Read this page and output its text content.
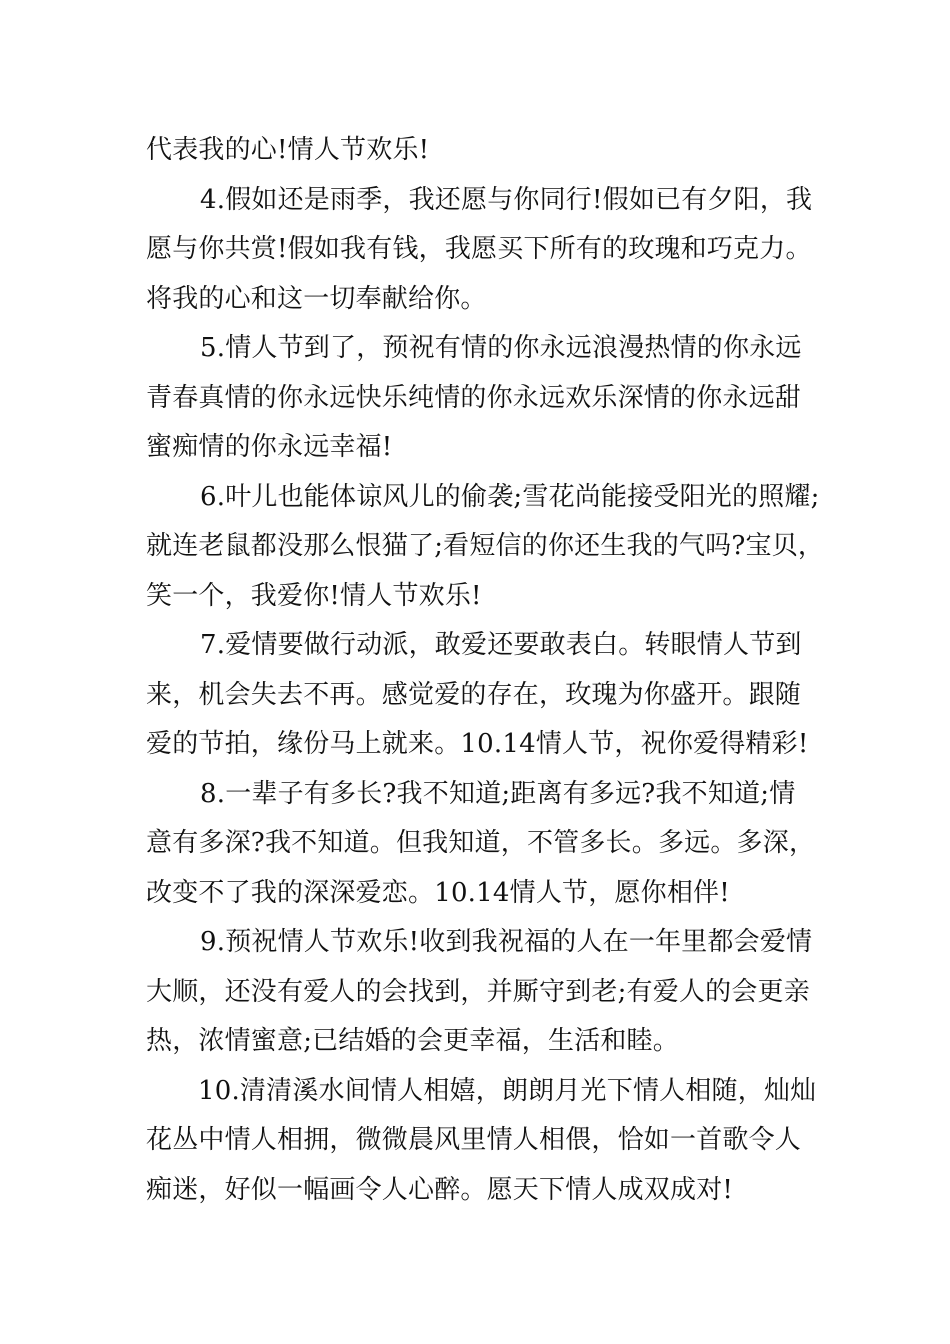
代表我的心!情人节欢乐!

4.假如还是雨季，我还愿与你同行!假如已有夕阳，我
愿与你共赏!假如我有钱，我愿买下所有的玫瑰和巧克力。
将我的心和这一切奉献给你。

5.情人节到了，预祝有情的你永远浪漫热情的你永远
青春真情的你永远快乐纯情的你永远欢乐深情的你永远甜
蜜痴情的你永远幸福!

6.叶儿也能体谅风儿的偷袭;雪花尚能接受阳光的照耀;
就连老鼠都没那么恨猫了;看短信的你还生我的气吗?宝贝，
笑一个，我爱你!情人节欢乐!

7.爱情要做行动派，敢爱还要敢表白。转眼情人节到
来，机会失去不再。感觉爱的存在，玫瑰为你盛开。跟随
爱的节拍，缘份马上就来。10.14情人节，祝你爱得精彩!

8.一辈子有多长?我不知道;距离有多远?我不知道;情
意有多深?我不知道。但我知道，不管多长。多远。多深，
改变不了我的深深爱恋。10.14情人节，愿你相伴!

9.预祝情人节欢乐!收到我祝福的人在一年里都会爱情
大顺，还没有爱人的会找到，并厮守到老;有爱人的会更亲
热，浓情蜜意;已结婚的会更幸福，生活和睦。

10.清清溪水间情人相嬉，朗朗月光下情人相随，灿灿
花丛中情人相拥，微微晨风里情人相偎，恰如一首歌令人
痴迷，好似一幅画令人心醉。愿天下情人成双成对!
